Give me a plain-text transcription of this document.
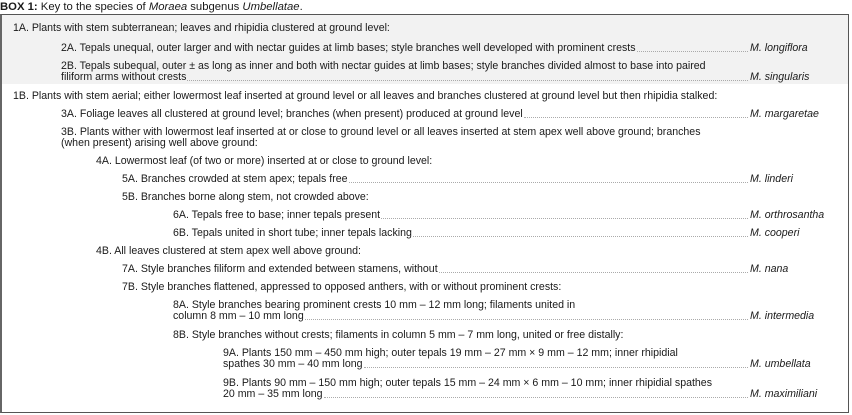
BOX 1: Key to the species of Moraea subgenus Umbellatae.
1A. Plants with stem subterranean; leaves and rhipidia clustered at ground level:
2A. Tepals unequal, outer larger and with nectar guides at limb bases; style branches well developed with prominent crests	M. longiflora
2B. Tepals subequal, outer ± as long as inner and both with nectar guides at limb bases; style branches divided almost to base into paired
filiform arms without crests	M. singularis
1B. Plants with stem aerial; either lowermost leaf inserted at ground level or all leaves and branches clustered at ground level but then rhipidia stalked:
3A. Foliage leaves all clustered at ground level; branches (when present) produced at ground level	M. margaretae
3B. Plants wither with lowermost leaf inserted at or close to ground level or all leaves inserted at stem apex well above ground; branches
(when present) arising well above ground:
4A. Lowermost leaf (of two or more) inserted at or close to ground level:
5A. Branches crowded at stem apex; tepals free	M. linderi
5B. Branches borne along stem, not crowded above:
6A. Tepals free to base; inner tepals present	M. orthrosantha
6B. Tepals united in short tube; inner tepals lacking	M. cooperi
4B. All leaves clustered at stem apex well above ground:
7A. Style branches filiform and extended between stamens, without	M. nana
7B. Style branches flattened, appressed to opposed anthers, with or without prominent crests:
8A. Style branches bearing prominent crests 10 mm – 12 mm long; filaments united in
column 8 mm – 10 mm long	M. intermedia
8B. Style branches without crests; filaments in column 5 mm – 7 mm long, united or free distally:
9A. Plants 150 mm – 450 mm high; outer tepals 19 mm – 27 mm × 9 mm – 12 mm; inner rhipidial
spathes 30 mm – 40 mm long	M. umbellata
9B. Plants 90 mm – 150 mm high; outer tepals 15 mm – 24 mm × 6 mm – 10 mm; inner rhipidial spathes
20 mm – 35 mm long	M. maximiliani
